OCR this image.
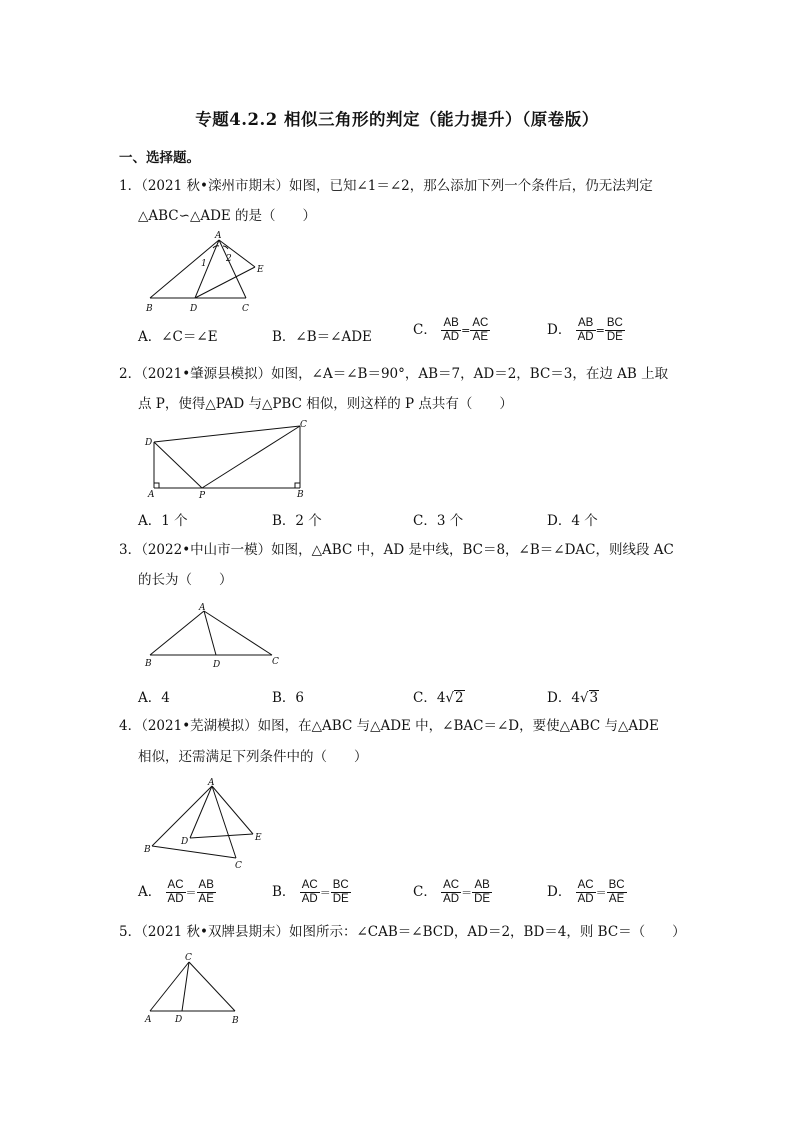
专题4.2.2 相似三角形的判定（能力提升）（原卷版）
一、选择题。
1．（2021 秋•滦州市期末）如图，已知∠1＝∠2，那么添加下列一个条件后，仍无法判定
△ABC∽△ADE 的是（　　）
A
1 2
E
B	D	C
A．∠C＝∠E	B．∠B＝∠ADE	C． $\frac{AB}{AD} = \frac{AC}{AE}$	D． $\frac{AB}{AD} = \frac{BC}{DE}$
2．（2021•肇源县模拟）如图，∠A＝∠B＝90°，AB＝7，AD＝2，BC＝3，在边 AB 上取
点 P，使得△PAD 与△PBC 相似，则这样的 P 点共有（　　）
D
C
A	P	B
A．1 个	B．2 个	C．3 个	D．4 个
3．（2022•中山市一模）如图，△ABC 中，AD 是中线，BC＝8，∠B＝∠DAC，则线段 AC
的长为（　　）
A
B	D	C
A．4	B．6	C．4√2	D．4√3
4．（2021•芜湖模拟）如图，在△ABC 与△ADE 中，∠BAC＝∠D，要使△ABC 与△ADE
相似，还需满足下列条件中的（　　）
A
D	E
B
C
A． $\frac{AC}{AD} = \frac{AB}{AE}$	B． $\frac{AC}{AD} = \frac{BC}{DE}$	C． $\frac{AC}{AD} = \frac{AB}{DE}$	D． $\frac{AC}{AD} = \frac{BC}{AE}$
5．（2021 秋•双牌县期末）如图所示：∠CAB＝∠BCD，AD＝2，BD＝4，则 BC＝（　　）
C
A	D	B
